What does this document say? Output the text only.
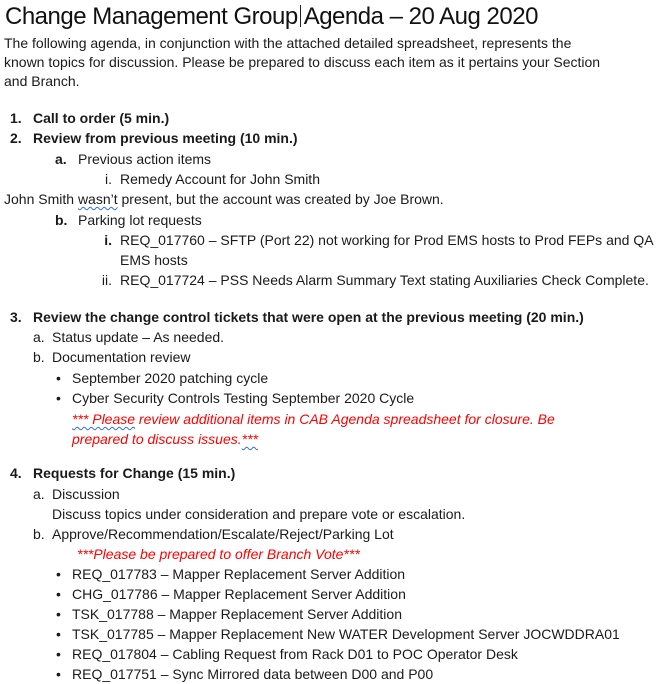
Change Management Group Agenda – 20 Aug 2020
The following agenda, in conjunction with the attached detailed spreadsheet, represents the
known topics for discussion. Please be prepared to discuss each item as it pertains your Section
and Branch.
1. Call to order (5 min.)
2. Review from previous meeting (10 min.)
a. Previous action items
i. Remedy Account for John Smith
John Smith wasn’t present, but the account was created by Joe Brown.
b. Parking lot requests
i. REQ_017760 – SFTP (Port 22) not working for Prod EMS hosts to Prod FEPs and QA
EMS hosts
ii. REQ_017724 – PSS Needs Alarm Summary Text stating Auxiliaries Check Complete.
3. Review the change control tickets that were open at the previous meeting (20 min.)
a. Status update – As needed.
b. Documentation review
• September 2020 patching cycle
• Cyber Security Controls Testing September 2020 Cycle
*** Please review additional items in CAB Agenda spreadsheet for closure. Be
prepared to discuss issues.***
4. Requests for Change (15 min.)
a. Discussion
Discuss topics under consideration and prepare vote or escalation.
b. Approve/Recommendation/Escalate/Reject/Parking Lot
***Please be prepared to offer Branch Vote***
• REQ_017783 – Mapper Replacement Server Addition
• CHG_017786 – Mapper Replacement Server Addition
• TSK_017788 – Mapper Replacement Server Addition
• TSK_017785 – Mapper Replacement New WATER Development Server JOCWDDRA01
• REQ_017804 – Cabling Request from Rack D01 to POC Operator Desk
• REQ_017751 – Sync Mirrored data between D00 and P00
